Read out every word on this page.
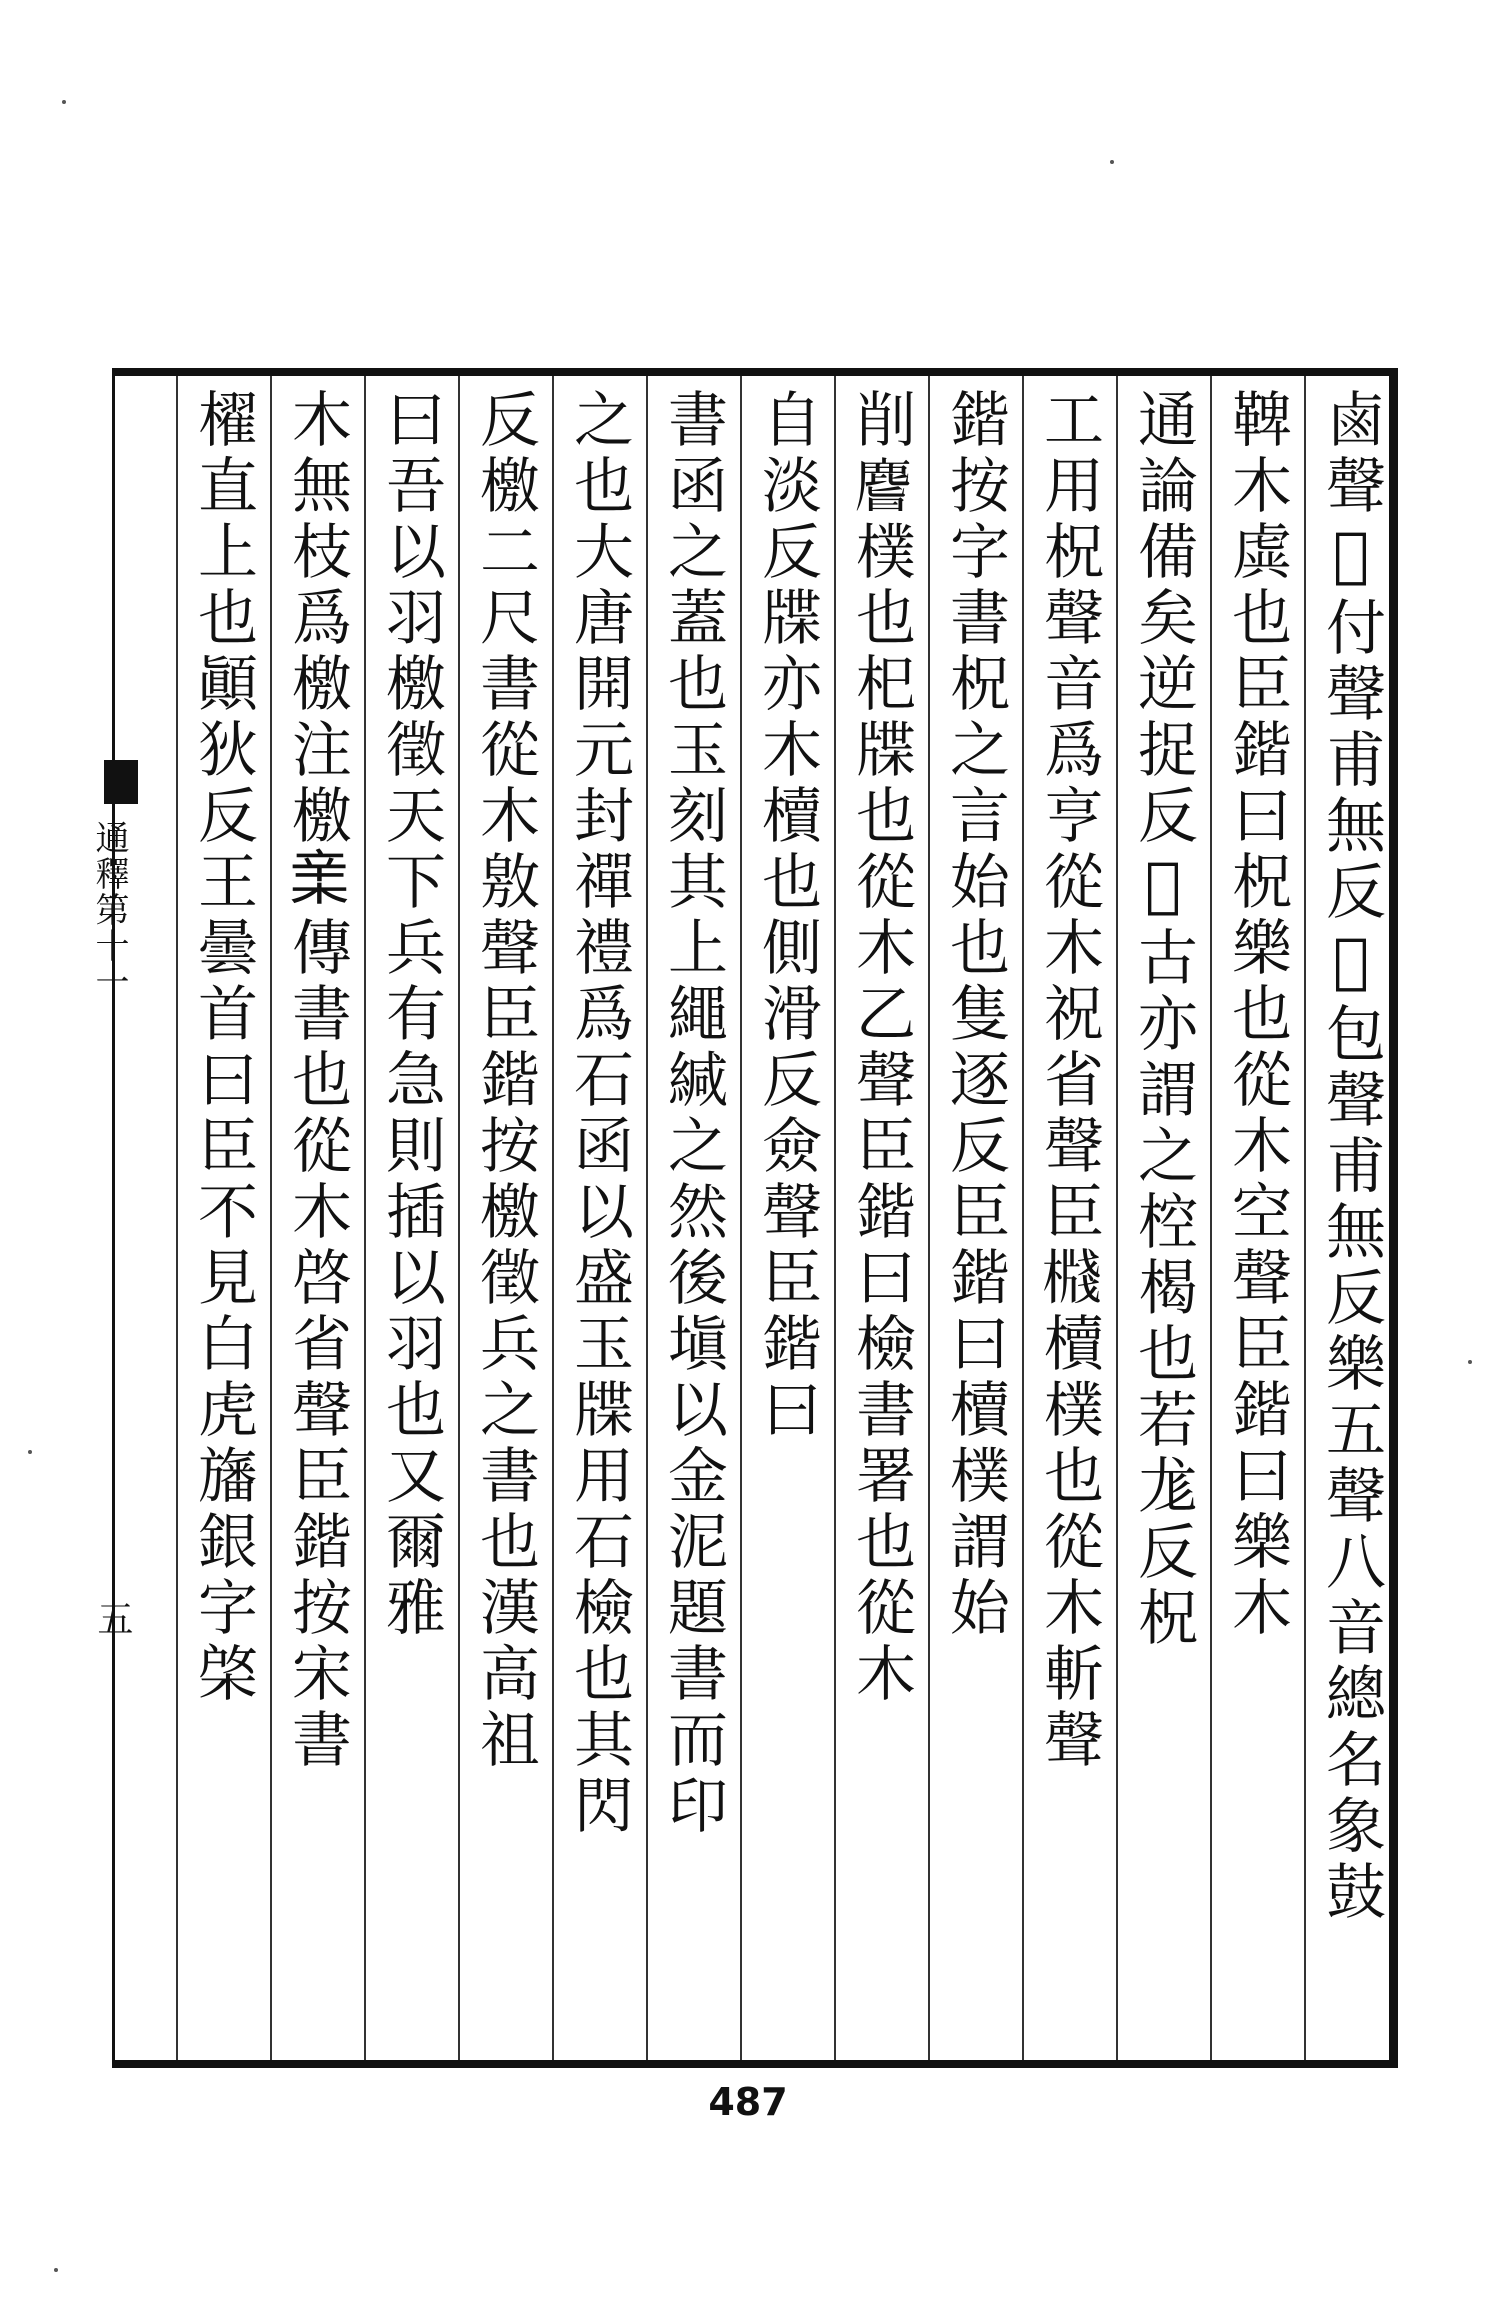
鹵聲𣏮付聲甫無反𣏭包聲甫無反樂五聲八音總名象鼓
鞞木虡也臣鍇曰柷樂也從木空聲臣鍇曰樂木
通論備矣逆捉反𣑔古亦謂之椌楬也若尨反柷
工用柷聲音爲亨從木祝省聲臣𣚙櫝樸也從木斬聲
鍇按字書柷之言始也隻逐反臣鍇曰櫝樸謂始
削𪊨樸也𣏌牒也從木乙聲臣鍇曰檢書署也從木
自淡反牒亦木櫝也側滑反僉聲臣鍇曰
書函之蓋也玉刻其上繩緘之然後塡以金泥題書而印
之也大唐開元封禪禮爲石函以盛玉牒用石檢也其閃
反檄二尺書從木敫聲臣鍇按檄徵兵之書也漢高祖
曰吾以羽檄徵天下兵有急則插以羽也又爾雅
木無枝爲檄注檄𣓀傳書也從木啓省聲臣鍇按宋書
櫂直上也顚狄反王曇首曰臣不見白虎旛銀字棨
通釋第十一
五
487
